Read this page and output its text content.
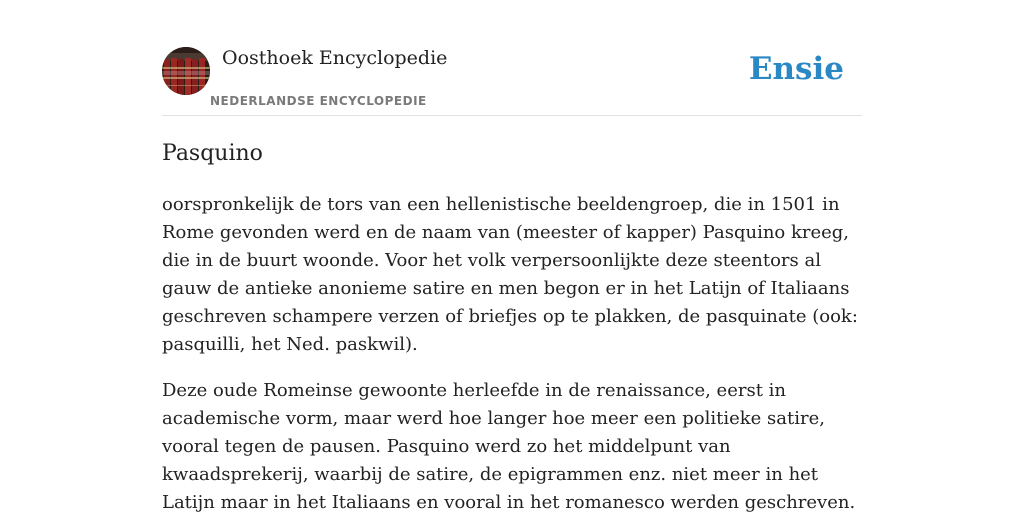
Oosthoek Encyclopedie
NEDERLANDSE ENCYCLOPEDIE
Ensie
Pasquino

oorspronkelijk de tors van een hellenistische beeldengroep, die in 1501 in Rome gevonden werd en de naam van (meester of kapper) Pasquino kreeg, die in de buurt woonde. Voor het volk verpersoonlijkte deze steentors al gauw de antieke anonieme satire en men begon er in het Latijn of Italiaans geschreven schampere verzen of briefjes op te plakken, de pasquinate (ook: pasquilli, het Ned. paskwil).

Deze oude Romeinse gewoonte herleefde in de renaissance, eerst in academische vorm, maar werd hoe langer hoe meer een politieke satire, vooral tegen de pausen. Pasquino werd zo het middelpunt van kwaadsprekerij, waarbij de satire, de epigrammen enz. niet meer in het Latijn maar in het Italiaans en vooral in het romanesco werden geschreven.
